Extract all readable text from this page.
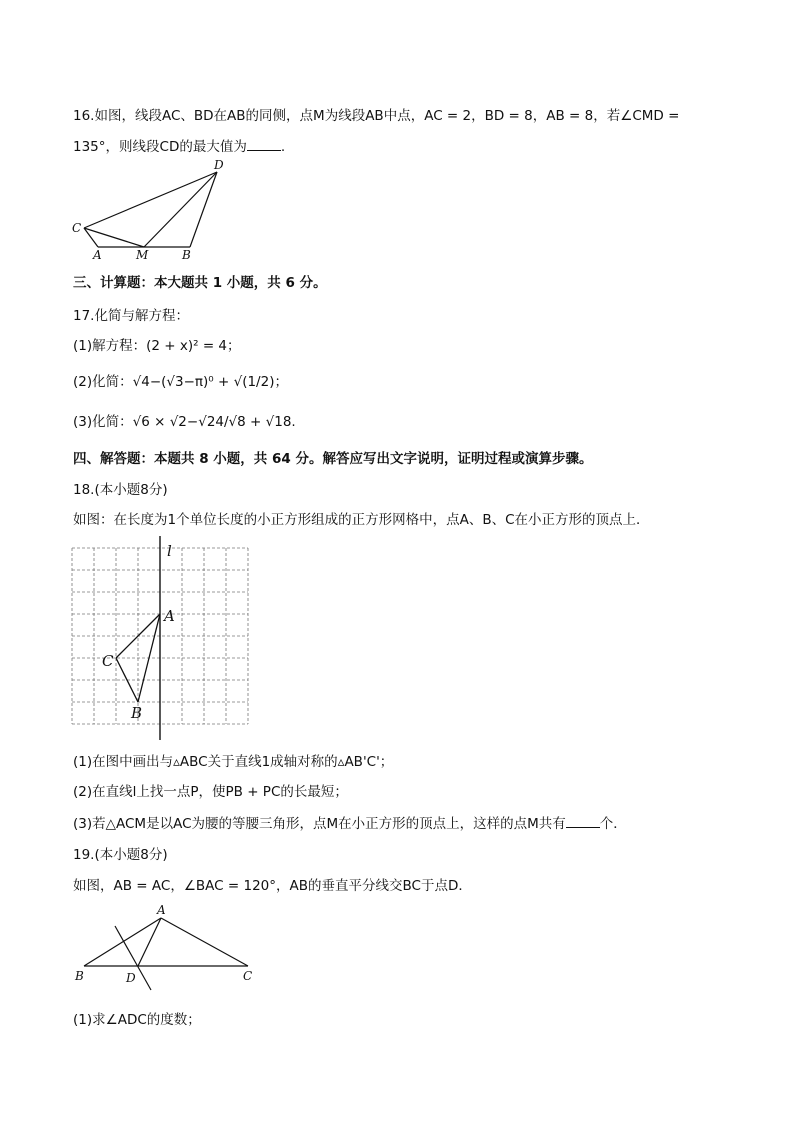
16.如图，线段AC、BD在AB的同侧，点M为线段AB中点，AC = 2，BD = 8，AB = 8，若∠CMD =
135°，则线段CD的最大值为	.
D
C
A	M	B
三、计算题：本大题共 1 小题，共 6 分。
17.化简与解方程：
(1)解方程：(2 + x)² = 4；
(2)化简：√4−(√3−π)⁰ + √(1/2)；
(3)化简：√6 × √2−√24/√8 + √18.
四、解答题：本题共 8 小题，共 64 分。解答应写出文字说明，证明过程或演算步骤。
18.(本小题8分)
如图：在长度为1个单位长度的小正方形组成的正方形网格中，点A、B、C在小正方形的顶点上．
l
A
C
B
(1)在图中画出与▵ABC关于直线1成轴对称的▵AB'C'；
(2)在直线l上找一点P，使PB + PC的长最短；
(3)若△ACM是以AC为腰的等腰三角形，点M在小正方形的顶点上，这样的点M共有	个．
19.(本小题8分)
如图，AB = AC，∠BAC = 120°，AB的垂直平分线交BC于点D．
A
B	D	C
(1)求∠ADC的度数；
